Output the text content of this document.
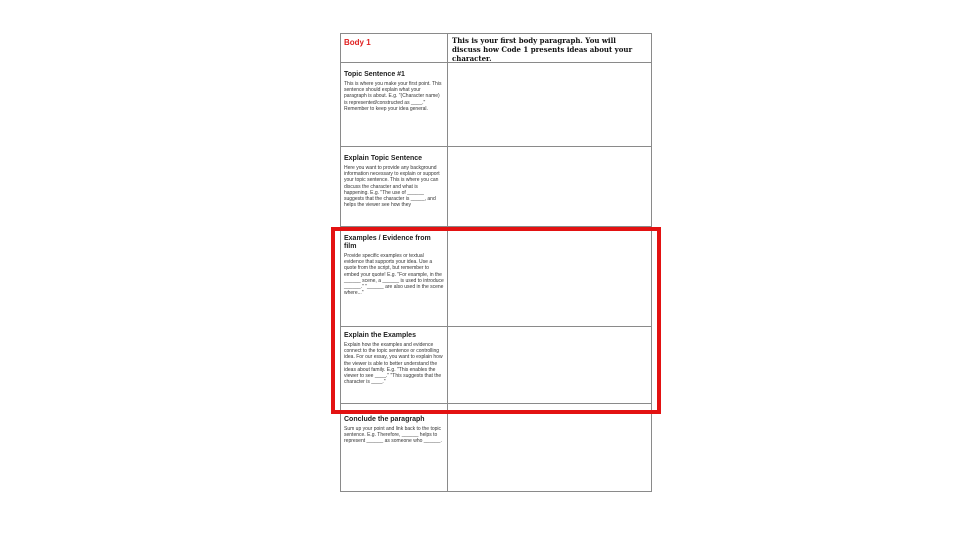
Body 1	This is your first body paragraph. You will discuss how Code 1 presents ideas about your character.
Topic Sentence #1
This is where you make your first point. This sentence should explain what your paragraph is about. E.g. "(Character name) is represented/constructed as ____." Remember to keep your idea general.
Explain Topic Sentence
Here you want to provide any background information necessary to explain or support your topic sentence. This is where you can discuss the character and what is happening. E.g. "The use of ______ suggests that the character is _____, and helps the viewer see how they
Examples / Evidence from film
Provide specific examples or textual evidence that supports your idea. Use a quote from the script, but remember to embed your quote! E.g. "For example, in the ______ scene, a ______ is used to introduce ______." "______ are also used in the scene where..."
Explain the Examples
Explain how the examples and evidence connect to the topic sentence or controlling idea. For our essay, you want to explain how the viewer is able to better understand the ideas about family. E.g. "This enables the viewer to see ____." "This suggests that the character is ____."
Conclude the paragraph
Sum up your point and link back to the topic sentence. E.g. Therefore, ______ helps to represent ______ as someone who ______.
